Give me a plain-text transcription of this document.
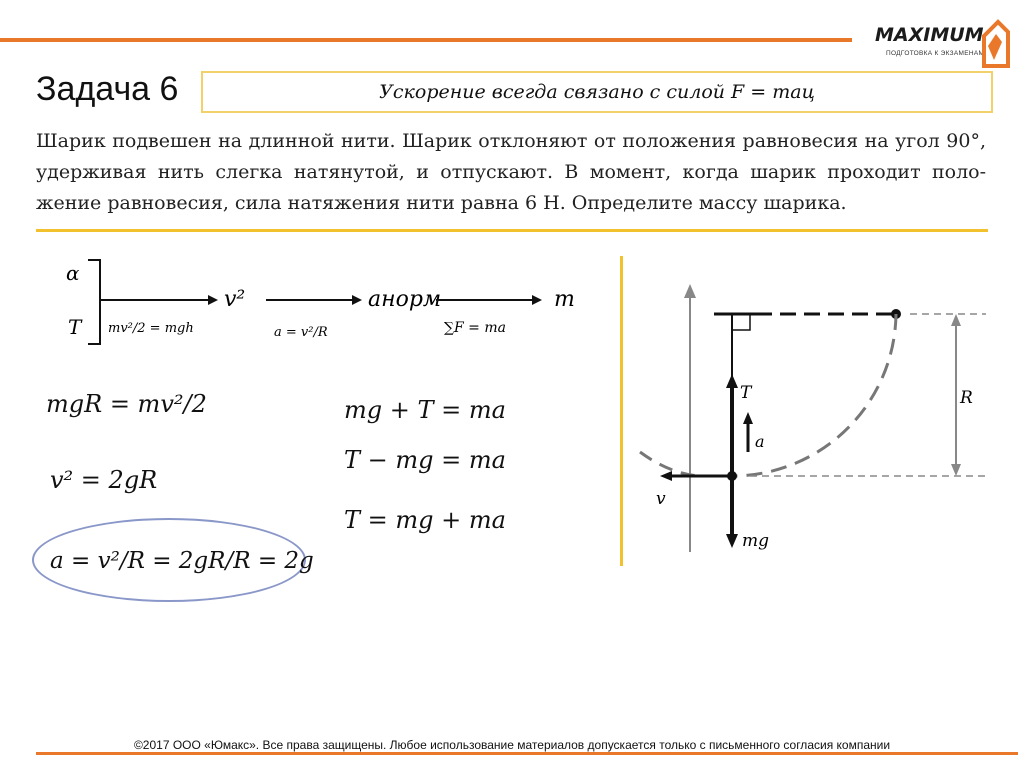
MAXIMUM
ПОДГОТОВКА К ЭКЗАМЕНАМ
Задача 6	Ускорение всегда связано с силой F = maц
Шарик подвешен на длинной нити. Шарик отклоняют от положения равновесия на угол 90°, удерживая нить слегка натянутой, и отпускают. В момент, когда шарик проходит положение равновесия, сила натяжения нити равна 6 Н. Определите массу шарика.
α
T mv²/2 = mgh
v²
a = v²/R
aнорм
∑F = ma
m
mgR = mv²/2
v² = 2gR
a = v²/R = 2gR/R = 2g
mg + T = ma
T − mg = ma
T = mg + ma
R
T
a
mg
v
©2017 ООО «Юмакс». Все права защищены. Любое использование материалов допускается только с письменного согласия компании
